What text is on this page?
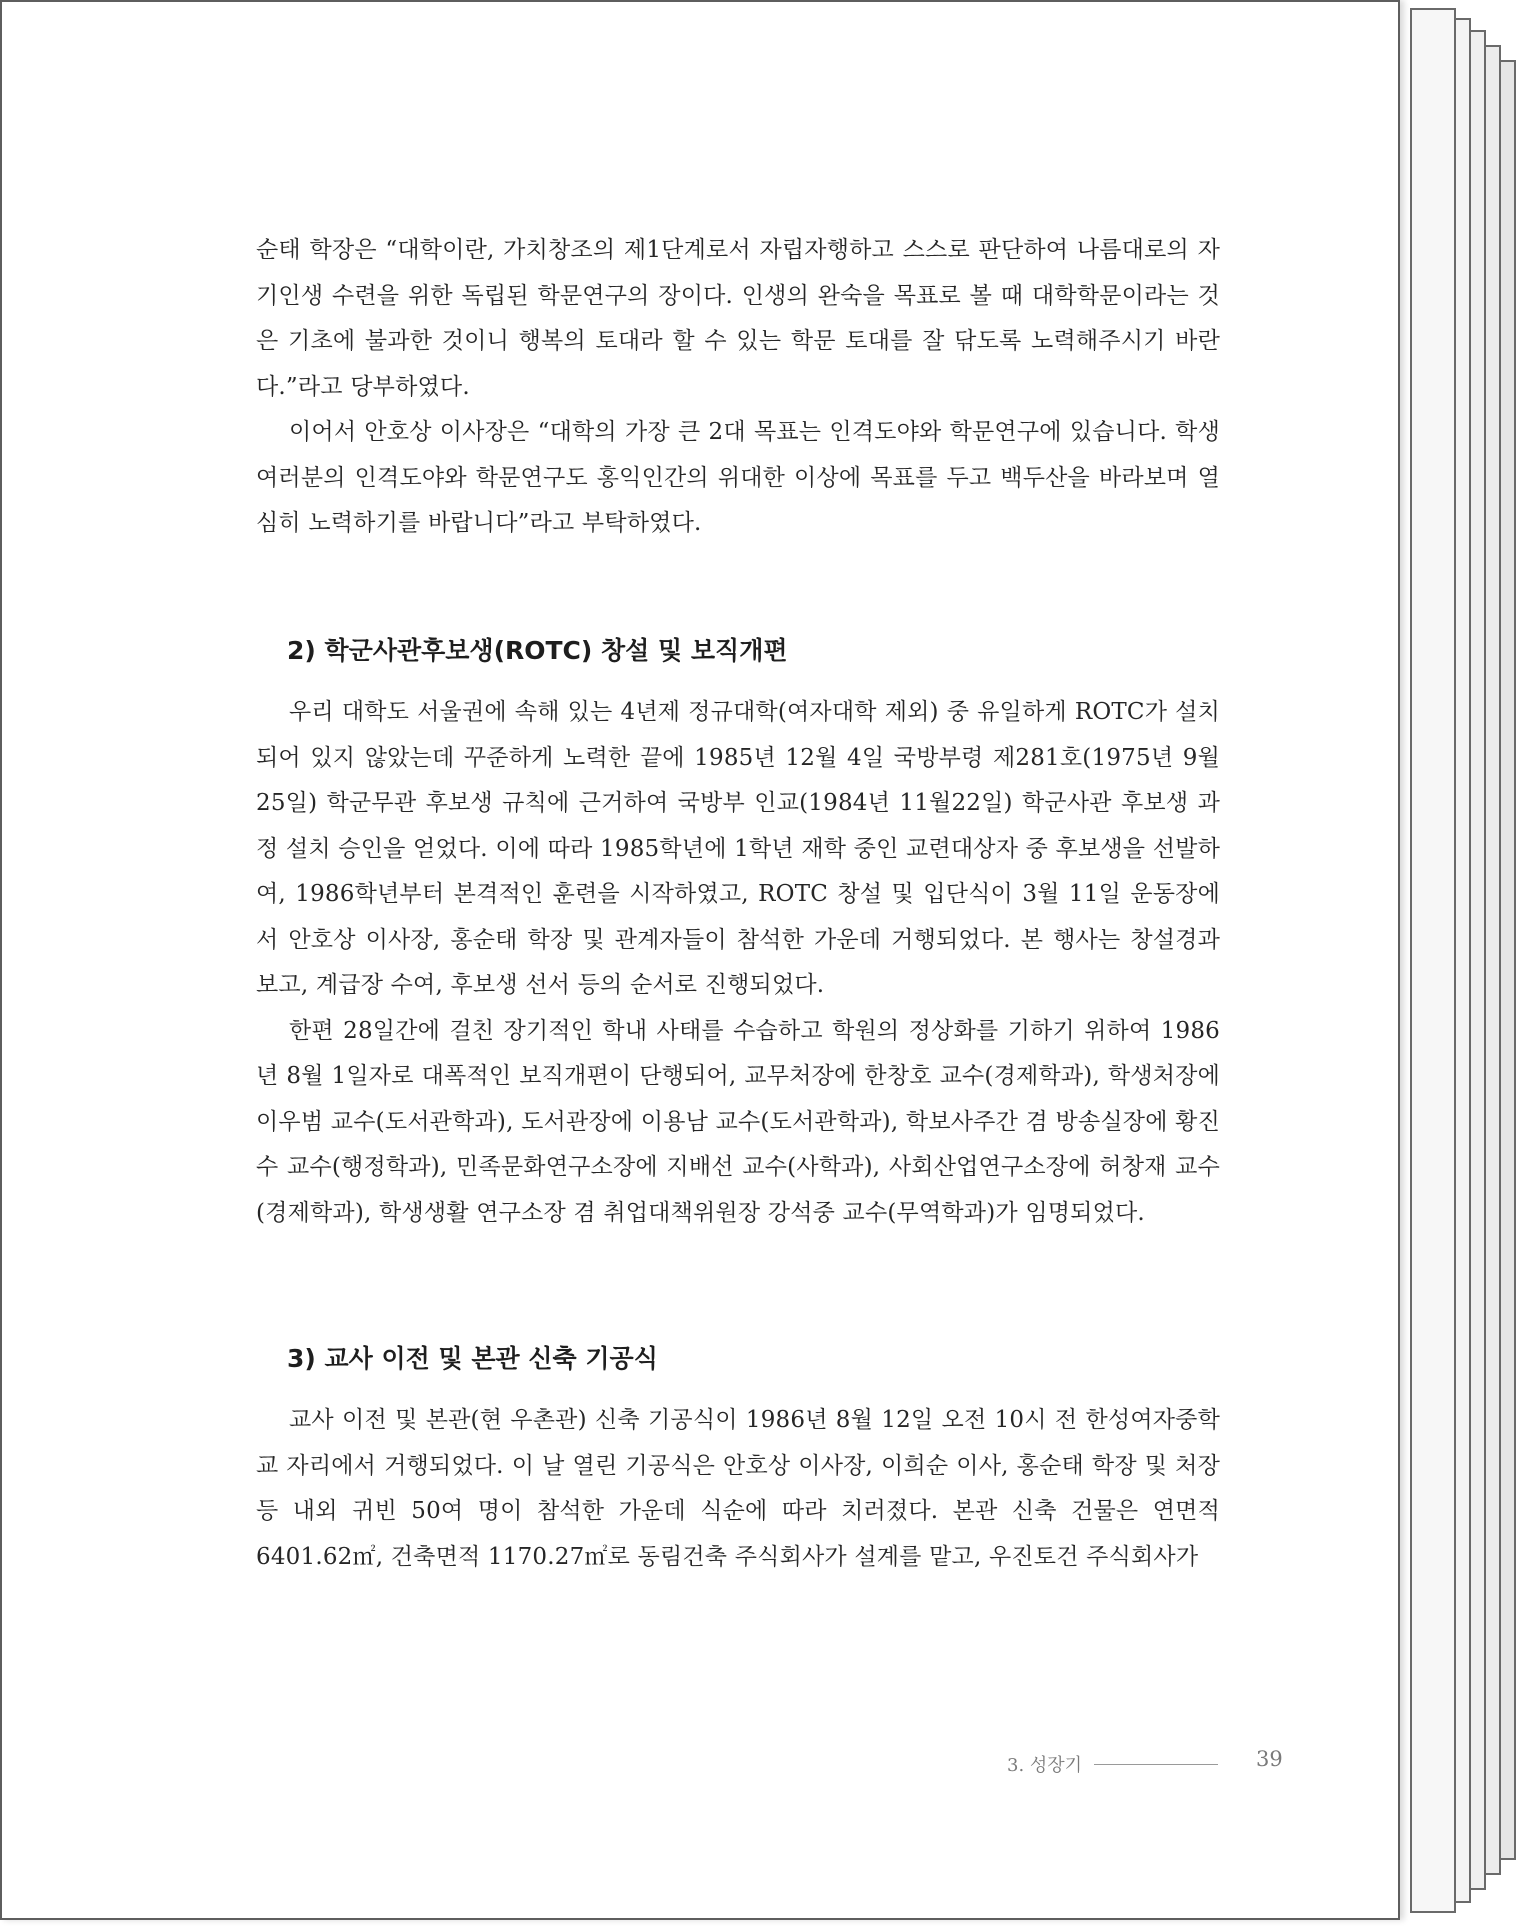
순태 학장은 “대학이란, 가치창조의 제1단계로서 자립자행하고 스스로 판단하여 나름대로의 자기인생 수련을 위한 독립된 학문연구의 장이다. 인생의 완숙을 목표로 볼 때 대학학문이라는 것은 기초에 불과한 것이니 행복의 토대라 할 수 있는 학문 토대를 잘 닦도록 노력해주시기 바란다.”라고 당부하였다.

이어서 안호상 이사장은 “대학의 가장 큰 2대 목표는 인격도야와 학문연구에 있습니다. 학생 여러분의 인격도야와 학문연구도 홍익인간의 위대한 이상에 목표를 두고 백두산을 바라보며 열심히 노력하기를 바랍니다”라고 부탁하였다.

2) 학군사관후보생(ROTC) 창설 및 보직개편

우리 대학도 서울권에 속해 있는 4년제 정규대학(여자대학 제외) 중 유일하게 ROTC가 설치되어 있지 않았는데 꾸준하게 노력한 끝에 1985년 12월 4일 국방부령 제281호(1975년 9월 25일) 학군무관 후보생 규칙에 근거하여 국방부 인교(1984년 11월22일) 학군사관 후보생 과정 설치 승인을 얻었다. 이에 따라 1985학년에 1학년 재학 중인 교련대상자 중 후보생을 선발하여, 1986학년부터 본격적인 훈련을 시작하였고, ROTC 창설 및 입단식이 3월 11일 운동장에서 안호상 이사장, 홍순태 학장 및 관계자들이 참석한 가운데 거행되었다. 본 행사는 창설경과 보고, 계급장 수여, 후보생 선서 등의 순서로 진행되었다.

한편 28일간에 걸친 장기적인 학내 사태를 수습하고 학원의 정상화를 기하기 위하여 1986년 8월 1일자로 대폭적인 보직개편이 단행되어, 교무처장에 한창호 교수(경제학과), 학생처장에 이우범 교수(도서관학과), 도서관장에 이용남 교수(도서관학과), 학보사주간 겸 방송실장에 황진수 교수(행정학과), 민족문화연구소장에 지배선 교수(사학과), 사회산업연구소장에 허창재 교수(경제학과), 학생생활 연구소장 겸 취업대책위원장 강석중 교수(무역학과)가 임명되었다.

3) 교사 이전 및 본관 신축 기공식

교사 이전 및 본관(현 우촌관) 신축 기공식이 1986년 8월 12일 오전 10시 전 한성여자중학교 자리에서 거행되었다. 이 날 열린 기공식은 안호상 이사장, 이희순 이사, 홍순태 학장 및 처장 등 내외 귀빈 50여 명이 참석한 가운데 식순에 따라 치러졌다. 본관 신축 건물은 연면적 6401.62㎡, 건축면적 1170.27㎡로 동림건축 주식회사가 설계를 맡고, 우진토건 주식회사가

3. 성장기	39
